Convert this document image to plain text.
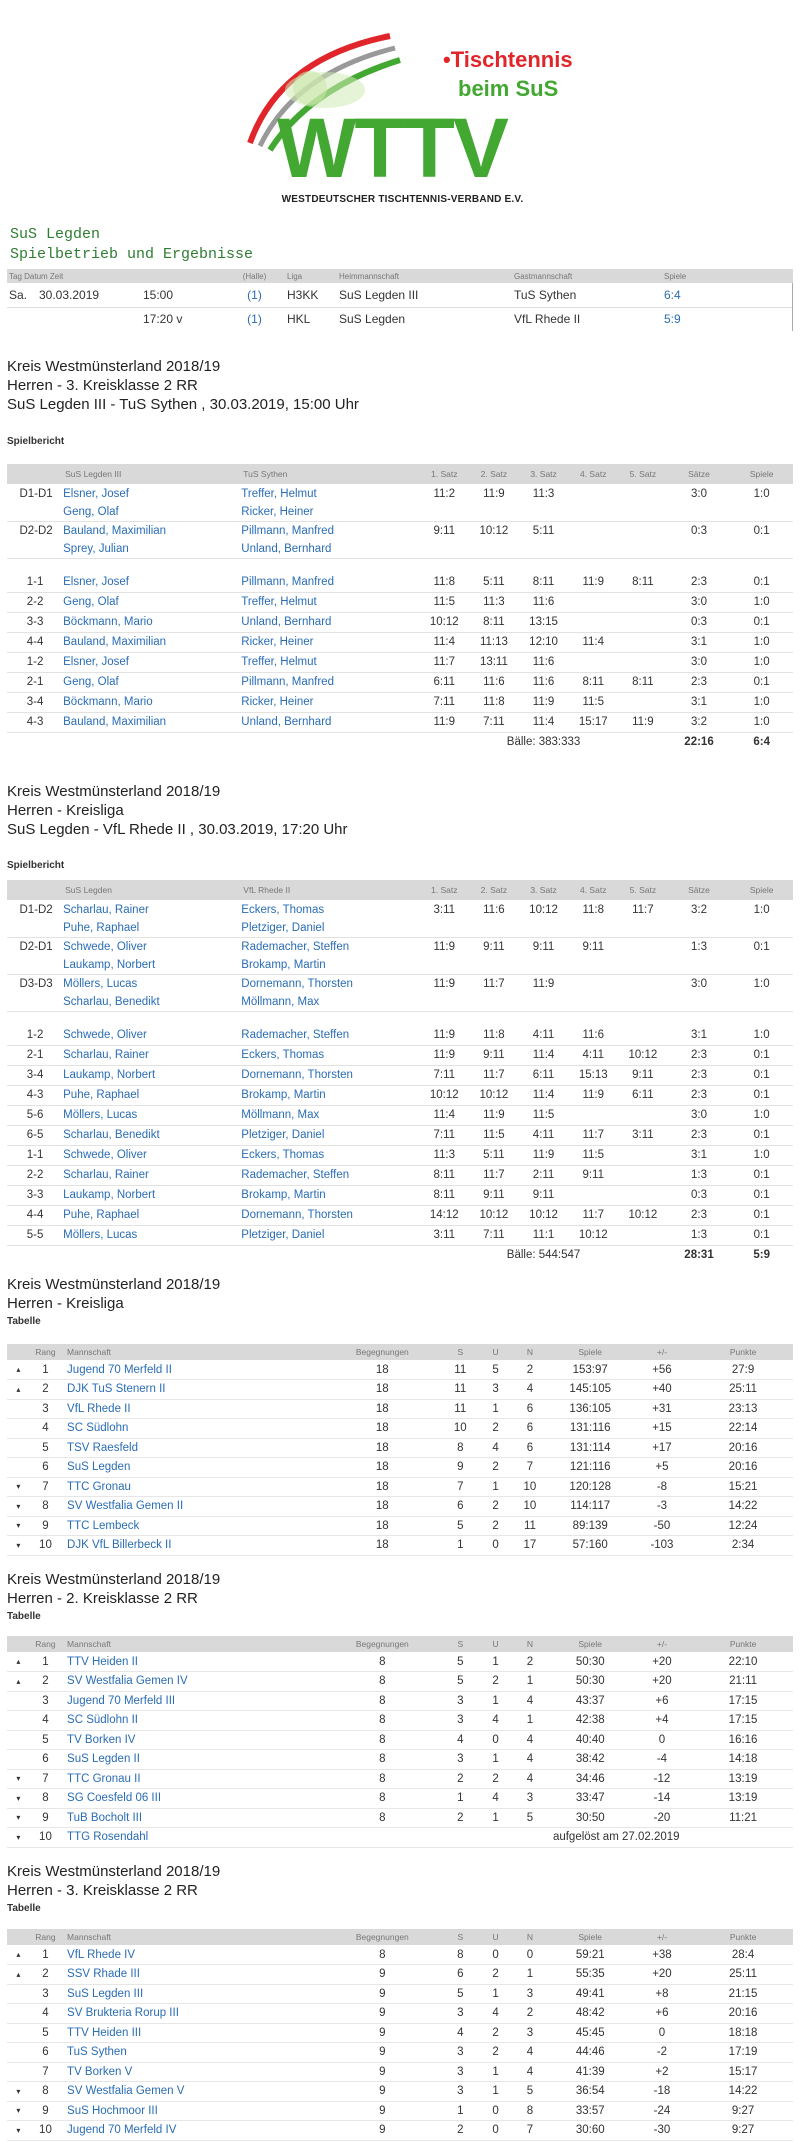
•Tischtennis
beim SuS
WTTV
WESTDEUTSCHER TISCHTENNIS-VERBAND E.V.
SuS Legden
Spielbetrieb und Ergebnisse
Tag Datum Zeit	(Halle)	Liga	Heimmannschaft	Gastmannschaft	Spiele
Sa. 30.03.2019 15:00	(1)	H3KK	SuS Legden III	TuS Sythen	6:4
17:20 v	(1)	HKL	SuS Legden	VfL Rhede II	5:9
Kreis Westmünsterland 2018/19
Herren - 3. Kreisklasse 2 RR
SuS Legden III - TuS Sythen , 30.03.2019, 15:00 Uhr
Spielbericht
	SuS Legden III	TuS Sythen	1. Satz	2. Satz	3. Satz	4. Satz	5. Satz	Sätze	Spiele
D1-D1	Elsner, Josef	Treffer, Helmut	11:2	11:9	11:3			3:0	1:0
	Geng, Olaf	Ricker, Heiner							
D2-D2	Bauland, Maximilian	Pillmann, Manfred	9:11	10:12	5:11			0:3	0:1
	Sprey, Julian	Unland, Bernhard							

1-1	Elsner, Josef	Pillmann, Manfred	11:8	5:11	8:11	11:9	8:11	2:3	0:1
2-2	Geng, Olaf	Treffer, Helmut	11:5	11:3	11:6			3:0	1:0
3-3	Böckmann, Mario	Unland, Bernhard	10:12	8:11	13:15			0:3	0:1
4-4	Bauland, Maximilian	Ricker, Heiner	11:4	11:13	12:10	11:4		3:1	1:0
1-2	Elsner, Josef	Treffer, Helmut	11:7	13:11	11:6			3:0	1:0
2-1	Geng, Olaf	Pillmann, Manfred	6:11	11:6	11:6	8:11	8:11	2:3	0:1
3-4	Böckmann, Mario	Ricker, Heiner	7:11	11:8	11:9	11:5		3:1	1:0
4-3	Bauland, Maximilian	Unland, Bernhard	11:9	7:11	11:4	15:17	11:9	3:2	1:0
			Bälle: 383:333					22:16	6:4
Kreis Westmünsterland 2018/19
Herren - Kreisliga
SuS Legden - VfL Rhede II , 30.03.2019, 17:20 Uhr
Spielbericht
	SuS Legden	VfL Rhede II	1. Satz	2. Satz	3. Satz	4. Satz	5. Satz	Sätze	Spiele
D1-D2	Scharlau, Rainer	Eckers, Thomas	3:11	11:6	10:12	11:8	11:7	3:2	1:0
	Puhe, Raphael	Pletziger, Daniel							
D2-D1	Schwede, Oliver	Rademacher, Steffen	11:9	9:11	9:11	9:11		1:3	0:1
	Laukamp, Norbert	Brokamp, Martin							
D3-D3	Möllers, Lucas	Dornemann, Thorsten	11:9	11:7	11:9			3:0	1:0
	Scharlau, Benedikt	Möllmann, Max							

1-2	Schwede, Oliver	Rademacher, Steffen	11:9	11:8	4:11	11:6		3:1	1:0
2-1	Scharlau, Rainer	Eckers, Thomas	11:9	9:11	11:4	4:11	10:12	2:3	0:1
3-4	Laukamp, Norbert	Dornemann, Thorsten	7:11	11:7	6:11	15:13	9:11	2:3	0:1
4-3	Puhe, Raphael	Brokamp, Martin	10:12	10:12	11:4	11:9	6:11	2:3	0:1
5-6	Möllers, Lucas	Möllmann, Max	11:4	11:9	11:5			3:0	1:0
6-5	Scharlau, Benedikt	Pletziger, Daniel	7:11	11:5	4:11	11:7	3:11	2:3	0:1
1-1	Schwede, Oliver	Eckers, Thomas	11:3	5:11	11:9	11:5		3:1	1:0
2-2	Scharlau, Rainer	Rademacher, Steffen	8:11	11:7	2:11	9:11		1:3	0:1
3-3	Laukamp, Norbert	Brokamp, Martin	8:11	9:11	9:11			0:3	0:1
4-4	Puhe, Raphael	Dornemann, Thorsten	14:12	10:12	10:12	11:7	10:12	2:3	0:1
5-5	Möllers, Lucas	Pletziger, Daniel	3:11	7:11	11:1	10:12		1:3	0:1
			Bälle: 544:547					28:31	5:9
Kreis Westmünsterland 2018/19
Herren - Kreisliga
Tabelle
	Rang	Mannschaft	Begegnungen	S	U	N	Spiele	+/-	Punkte
▴	1	Jugend 70 Merfeld II	18	11	5	2	153:97	+56	27:9
▴	2	DJK TuS Stenern II	18	11	3	4	145:105	+40	25:11
	3	VfL Rhede II	18	11	1	6	136:105	+31	23:13
	4	SC Südlohn	18	10	2	6	131:116	+15	22:14
	5	TSV Raesfeld	18	8	4	6	131:114	+17	20:16
	6	SuS Legden	18	9	2	7	121:116	+5	20:16
▾	7	TTC Gronau	18	7	1	10	120:128	-8	15:21
▾	8	SV Westfalia Gemen II	18	6	2	10	114:117	-3	14:22
▾	9	TTC Lembeck	18	5	2	11	89:139	-50	12:24
▾	10	DJK VfL Billerbeck II	18	1	0	17	57:160	-103	2:34
Kreis Westmünsterland 2018/19
Herren - 2. Kreisklasse 2 RR
Tabelle
	Rang	Mannschaft	Begegnungen	S	U	N	Spiele	+/-	Punkte
▴	1	TTV Heiden II	8	5	1	2	50:30	+20	22:10
▴	2	SV Westfalia Gemen IV	8	5	2	1	50:30	+20	21:11
	3	Jugend 70 Merfeld III	8	3	1	4	43:37	+6	17:15
	4	SC Südlohn II	8	3	4	1	42:38	+4	17:15
	5	TV Borken IV	8	4	0	4	40:40	0	16:16
	6	SuS Legden II	8	3	1	4	38:42	-4	14:18
▾	7	TTC Gronau II	8	2	2	4	34:46	-12	13:19
▾	8	SG Coesfeld 06 III	8	1	4	3	33:47	-14	13:19
▾	9	TuB Bocholt III	8	2	1	5	30:50	-20	11:21
▾	10	TTG Rosendahl		aufgelöst am 27.02.2019					
Kreis Westmünsterland 2018/19
Herren - 3. Kreisklasse 2 RR
Tabelle
	Rang	Mannschaft	Begegnungen	S	U	N	Spiele	+/-	Punkte
▴	1	VfL Rhede IV	8	8	0	0	59:21	+38	28:4
▴	2	SSV Rhade III	9	6	2	1	55:35	+20	25:11
	3	SuS Legden III	9	5	1	3	49:41	+8	21:15
	4	SV Brukteria Rorup III	9	3	4	2	48:42	+6	20:16
	5	TTV Heiden III	9	4	2	3	45:45	0	18:18
	6	TuS Sythen	9	3	2	4	44:46	-2	17:19
	7	TV Borken V	9	3	1	4	41:39	+2	15:17
▾	8	SV Westfalia Gemen V	9	3	1	5	36:54	-18	14:22
▾	9	SuS Hochmoor III	9	1	0	8	33:57	-24	9:27
▾	10	Jugend 70 Merfeld IV	9	2	0	7	30:60	-30	9:27
